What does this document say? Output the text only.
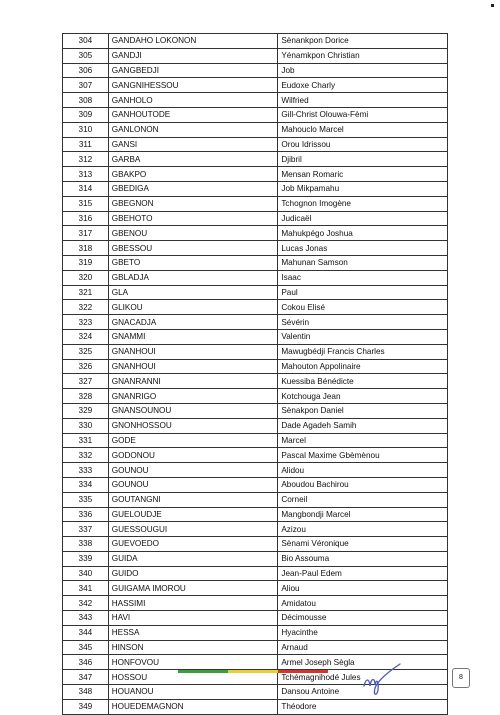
304	GANDAHO LOKONON	Sènankpon Dorice
305	GANDJI	Yénamkpon Christian
306	GANGBEDJI	Job
307	GANGNIHESSOU	Eudoxe Charly
308	GANHOLO	Wilfried
309	GANHOUTODE	Gill-Christ Olouwa-Fèmi
310	GANLONON	Mahouclo Marcel
311	GANSI	Orou Idrissou
312	GARBA	Djibril
313	GBAKPO	Mensan Romaric
314	GBEDIGA	Job Mikpamahu
315	GBEGNON	Tchognon Imogène
316	GBEHOTO	Judicaël
317	GBENOU	Mahukpégo Joshua
318	GBESSOU	Lucas Jonas
319	GBETO	Mahunan Samson
320	GBLADJA	Isaac
321	GLA	Paul
322	GLIKOU	Cokou Elisé
323	GNACADJA	Sévérin
324	GNAMMI	Valentin
325	GNANHOUI	Mawugbédji Francis Charles
326	GNANHOUI	Mahouton Appolinaire
327	GNANRANNI	Kuessiba Bénédicte
328	GNANRIGO	Kotchouga Jean
329	GNANSOUNOU	Sènakpon Daniel
330	GNONHOSSOU	Dade Agadeh Samih
331	GODE	Marcel
332	GODONOU	Pascal Maxime Gbèmènou
333	GOUNOU	Alidou
334	GOUNOU	Aboudou Bachirou
335	GOUTANGNI	Corneil
336	GUELOUDJE	Mangbondji Marcel
337	GUESSOUGUI	Azizou
338	GUEVOEDO	Sènami Véronique
339	GUIDA	Bio Assouma
340	GUIDO	Jean-Paul Edem
341	GUIGAMA IMOROU	Aliou
342	HASSIMI	Amidatou
343	HAVI	Décimousse
344	HESSA	Hyacinthe
345	HINSON	Arnaud
346	HONFOVOU	Armel Joseph Sègla
347	HOSSOU	Tchémagnihodé Jules
348	HOUANOU	Dansou Antoine
349	HOUEDEMAGNON	Théodore
8
